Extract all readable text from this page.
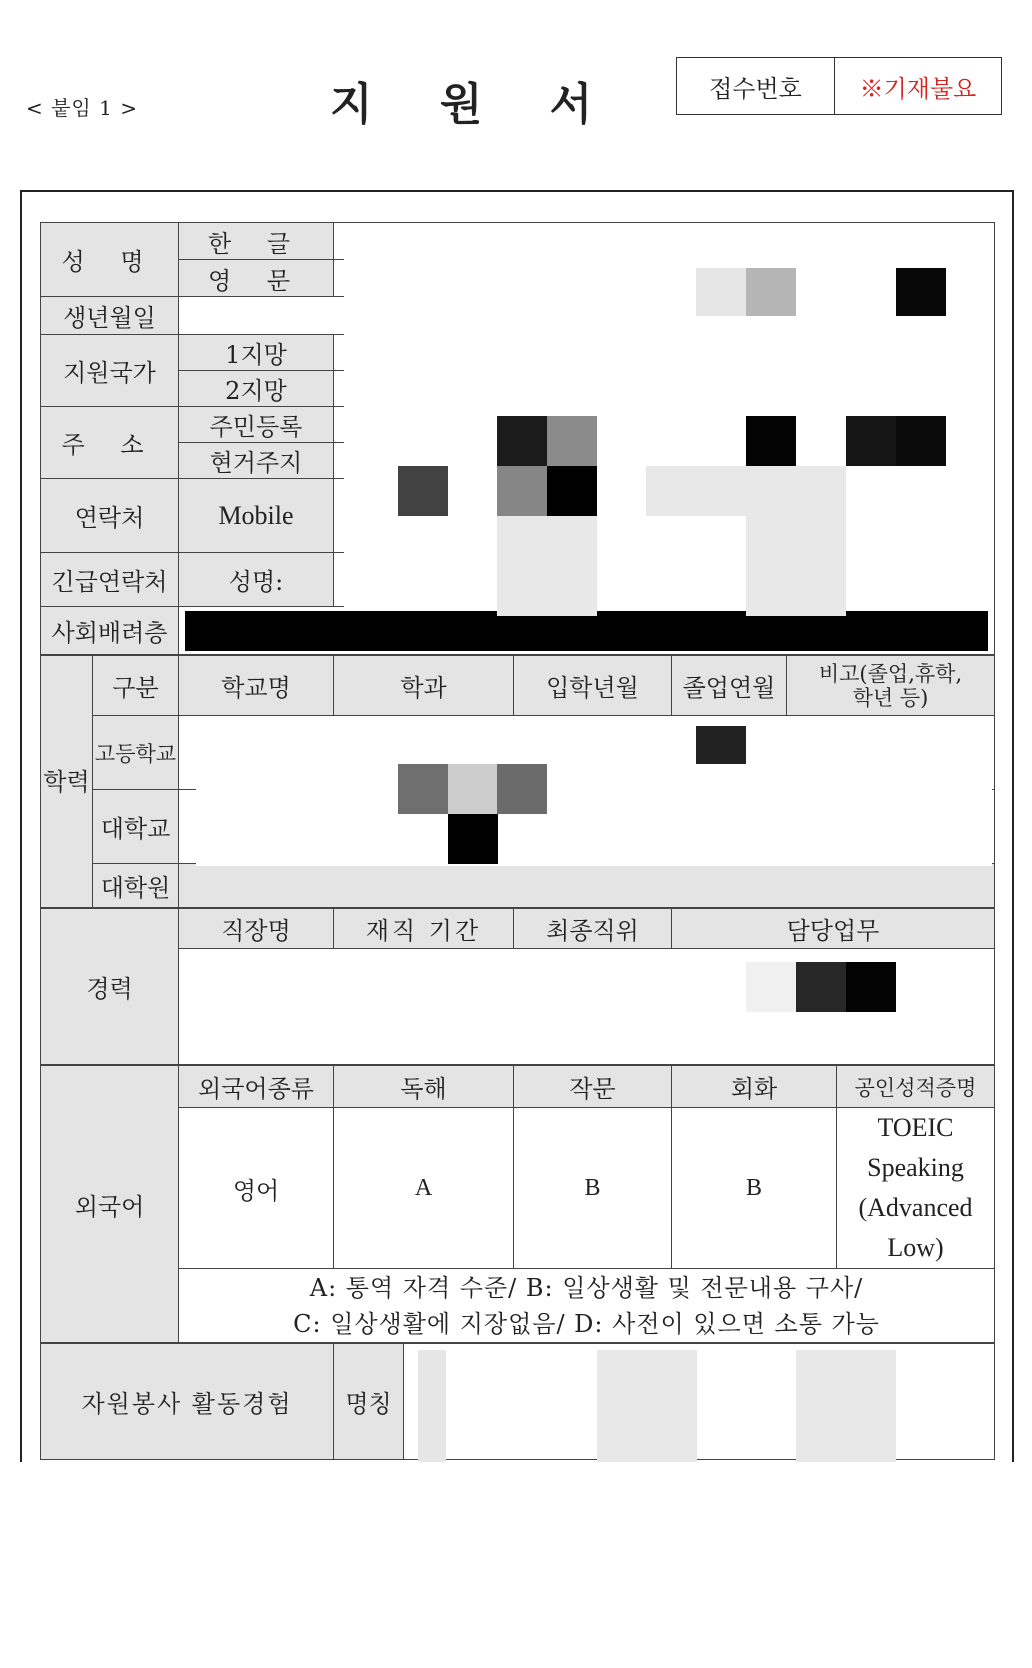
< 붙임 1 >	지 원 서	접수번호	※기재불요
성 명	한 글	
	영 문	
생년월일		
지원국가	1지망	
	2지망	
주 소	주민등록	
	현거주지	
연락처	Mobile	
긴급연락처	성명:	
사회배려층		
학력	구분	학교명	학과	입학년월	졸업연월	비고(졸업,휴학,
학년 등)
	고등학교					
	대학교					
	대학원					
경력	직장명	재직 기간	최종직위	담당업무

외국어	외국어종류	독해	작문	회화	공인성적증명
	영어	A	B	B	TOEIC Speaking (Advanced Low)

	A: 통역 자격 수준/ B: 일상생활 및 전문내용 구사/
C: 일상생활에 지장없음/ D: 사전이 있으면 소통 가능				
자원봉사 활동경험	명칭	
